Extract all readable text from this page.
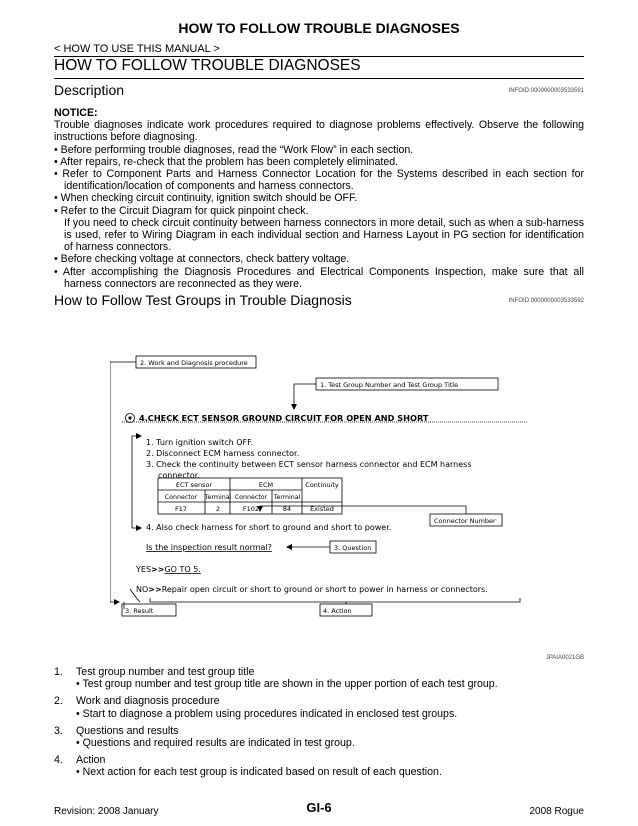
HOW TO FOLLOW TROUBLE DIAGNOSES
< HOW TO USE THIS MANUAL >
HOW TO FOLLOW TROUBLE DIAGNOSES
Description	INFOID:0000000003533591

NOTICE:

Trouble diagnoses indicate work procedures required to diagnose problems effectively. Observe the following instructions before diagnosing.

• Before performing trouble diagnoses, read the “Work Flow” in each section.

• After repairs, re-check that the problem has been completely eliminated.

• Refer to Component Parts and Harness Connector Location for the Systems described in each section for identification/location of components and harness connectors.

• When checking circuit continuity, ignition switch should be OFF.

• Refer to the Circuit Diagram for quick pinpoint check.

If you need to check circuit continuity between harness connectors in more detail, such as when a sub-harness is used, refer to Wiring Diagram in each individual section and Harness Layout in PG section for identification of harness connectors.

• Before checking voltage at connectors, check battery voltage.

• After accomplishing the Diagnosis Procedures and Electrical Components Inspection, make sure that all harness connectors are reconnected as they were.

How to Follow Test Groups in Trouble Diagnosis	INFOID:0000000003533592
2. Work and Diagnosis procedure
1. Test Group Number and Test Group Title
4.CHECK ECT SENSOR GROUND CIRCUIT FOR OPEN AND SHORT
1. Turn ignition switch OFF.
2. Disconnect ECM harness connector.
3. Check the continuity between ECT sensor harness connector and ECM harness
connector.
ECT sensor	ECM	Continuity
Connector Terminal Connector Terminal
F17	2	F102	84	Existed
4. Also check harness for short to ground and short to power.
Connector Number
Is the inspection result normal?	3. Question
YES>>GO TO 5.
NO>>Repair open circuit or short to ground or short to power in harness or connectors.
3. Result	4. Action
JPAIA0021GB
1.	Test group number and test group title
• Test group number and test group title are shown in the upper portion of each test group.
2.	Work and diagnosis procedure
• Start to diagnose a problem using procedures indicated in enclosed test groups.
3.	Questions and results
• Questions and required results are indicated in test group.
4.	Action
• Next action for each test group is indicated based on result of each question.
Revision: 2008 January	GI-6	2008 Rogue
